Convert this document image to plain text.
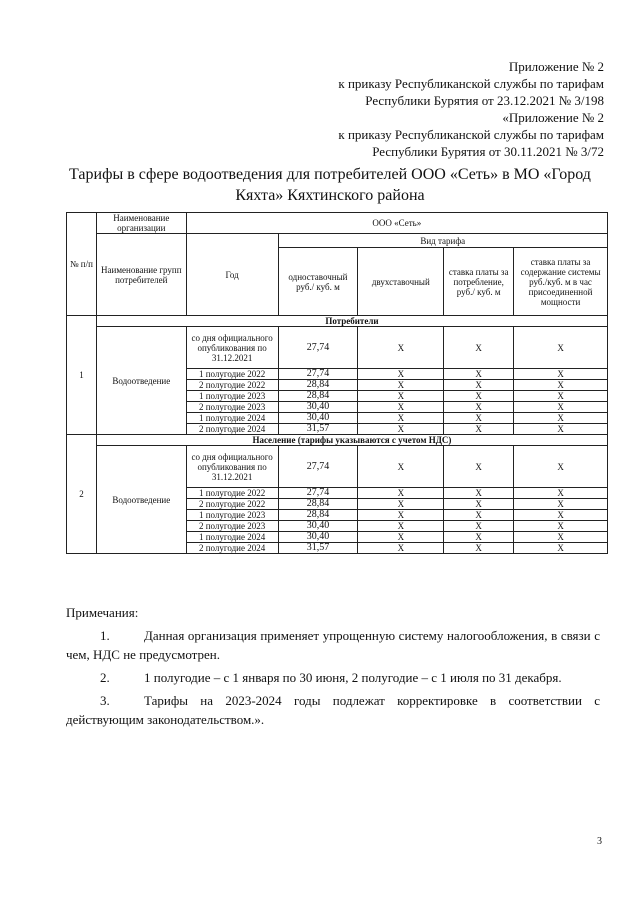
Приложение № 2
к приказу Республиканской службы по тарифам
Республики Бурятия от 23.12.2021 № 3/198
«Приложение № 2
к приказу Республиканской службы по тарифам
Республики Бурятия от 30.11.2021 № 3/72
Тарифы в сфере водоотведения для потребителей ООО «Сеть» в МО «Город Кяхта» Кяхтинского района
№ п/п	Наименование организации	ООО «Сеть»				
	Наименование групп потребителей	Год	Вид тарифа			
			одноставочный руб./ куб. м	двухставочный	ставка платы за потребление, руб./ куб. м	ставка платы за содержание системы руб./куб. м в час присоединенной мощности
1	Потребители					
	Водоотведение	со дня официального опубликования по 31.12.2021	27,74	Х	Х	Х
		1 полугодие 2022	27,74	Х	Х	Х
		2 полугодие 2022	28,84	Х	Х	Х
		1 полугодие 2023	28,84	Х	Х	Х
		2 полугодие 2023	30,40	Х	Х	Х
		1 полугодие 2024	30,40	Х	Х	Х
		2 полугодие 2024	31,57	Х	Х	Х
2	Население (тарифы указываются с учетом НДС)					
	Водоотведение	со дня официального опубликования по 31.12.2021	27,74	Х	Х	Х
		1 полугодие 2022	27,74	Х	Х	Х
		2 полугодие 2022	28,84	Х	Х	Х
		1 полугодие 2023	28,84	Х	Х	Х
		2 полугодие 2023	30,40	Х	Х	Х
		1 полугодие 2024	30,40	Х	Х	Х
		2 полугодие 2024	31,57	Х	Х	Х

Примечания:

1.	Данная организация применяет упрощенную систему налогообложения, в связи с чем, НДС не предусмотрен.

2.	1 полугодие – с 1 января по 30 июня, 2 полугодие – с 1 июля по 31 декабря.

3.	Тарифы на 2023-2024 годы подлежат корректировке в соответствии с действующим законодательством.».

3
